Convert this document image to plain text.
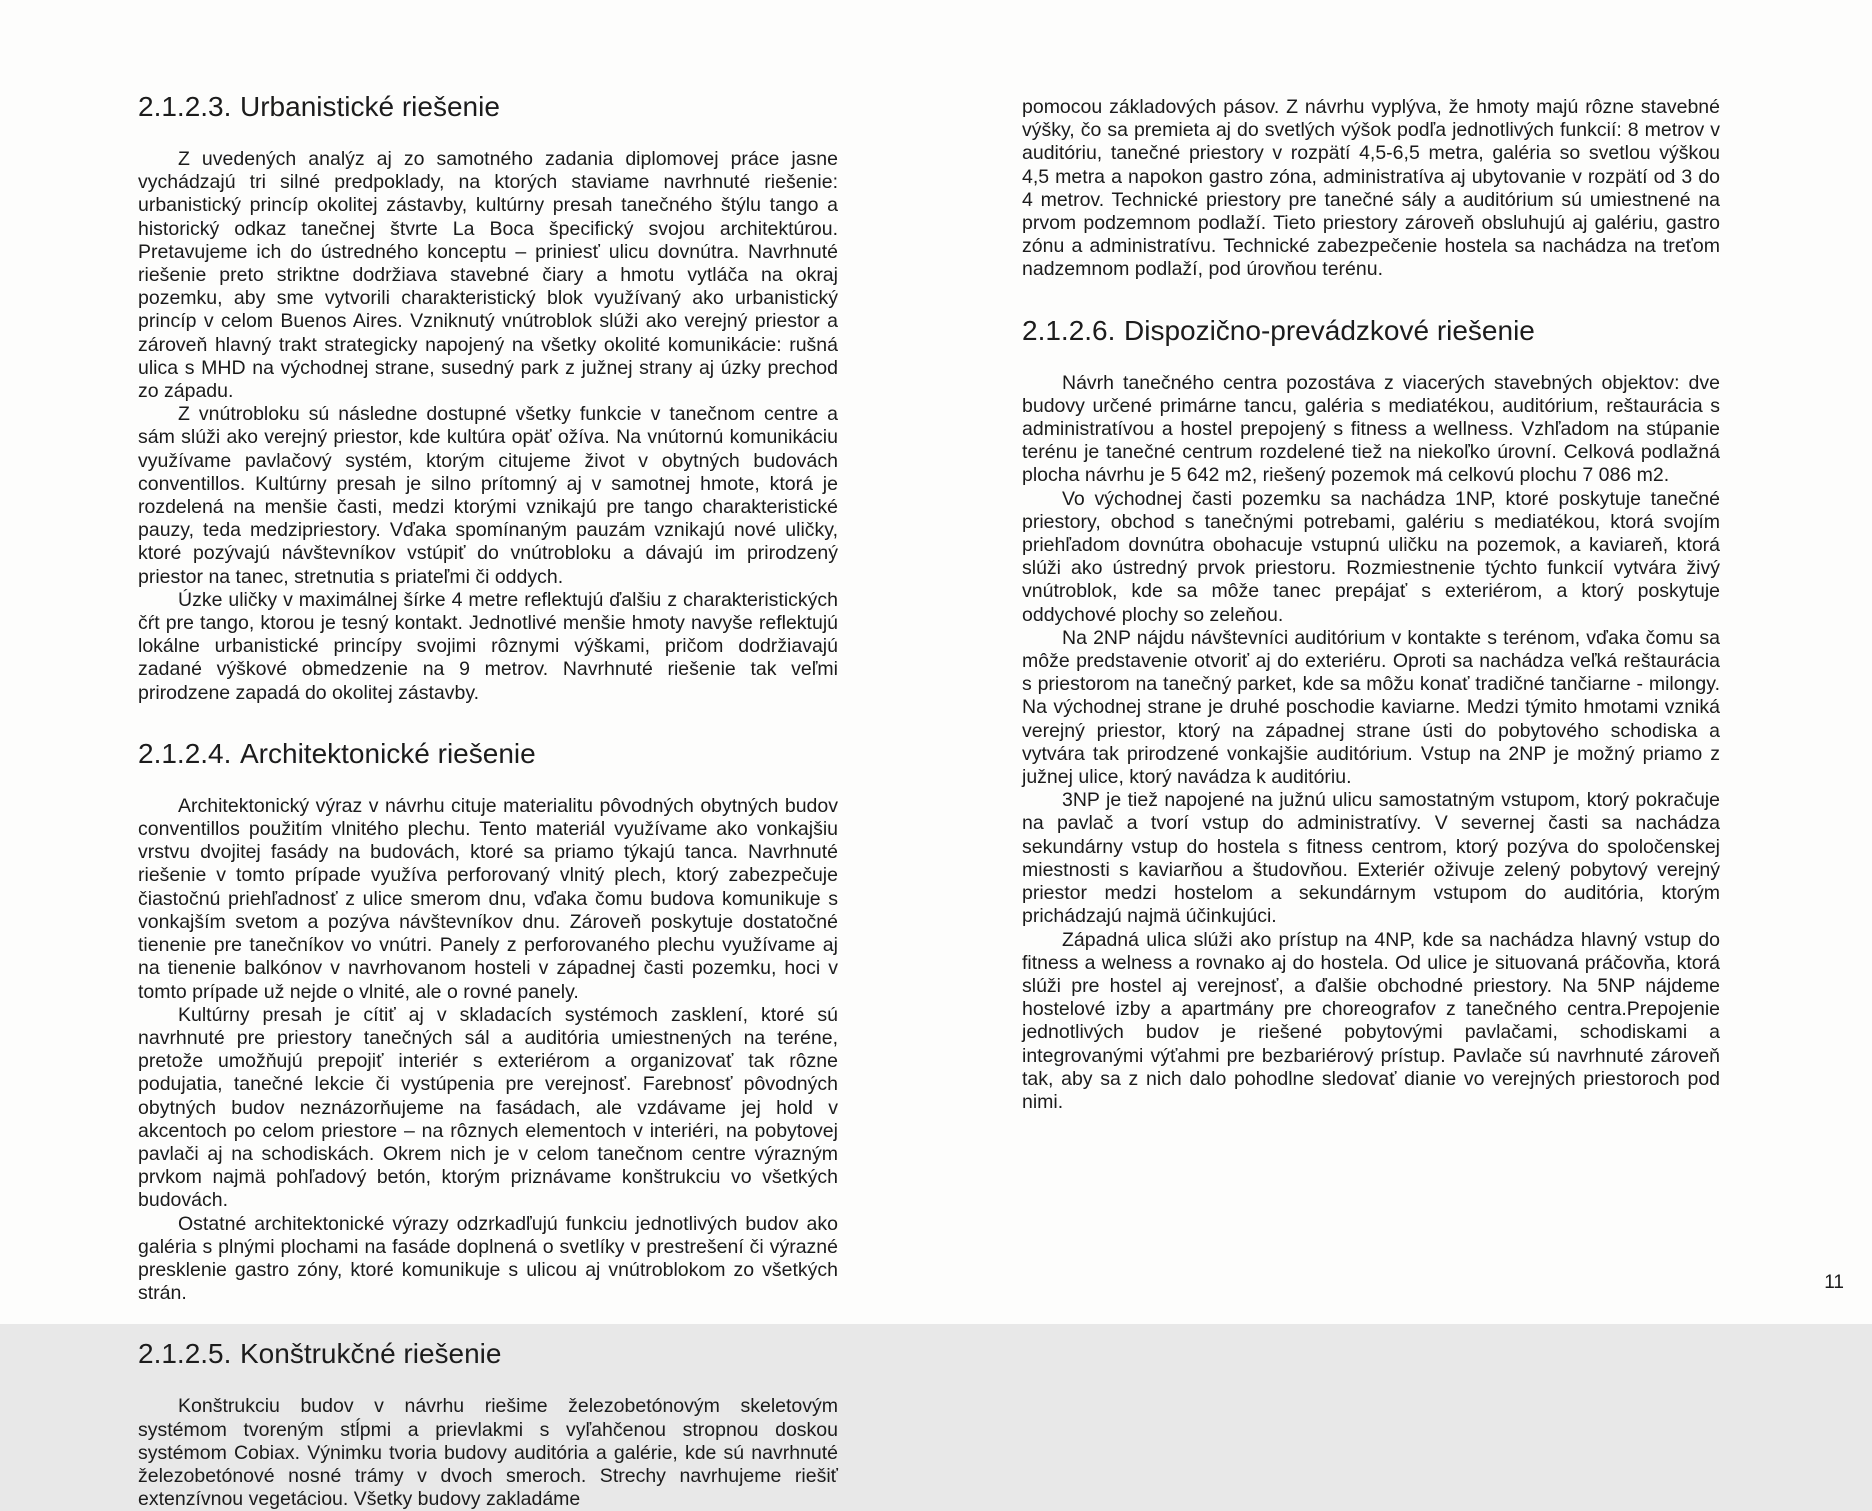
2.1.2.3. Urbanistické riešenie

Z uvedených analýz aj zo samotného zadania diplomovej práce jasne vychádzajú tri silné predpoklady, na ktorých staviame navrhnuté riešenie: urbanistický princíp okolitej zástavby, kultúrny presah tanečného štýlu tango a historický odkaz tanečnej štvrte La Boca špecifický svojou architektúrou. Pretavujeme ich do ústredného konceptu – priniesť ulicu dovnútra. Navrhnuté riešenie preto striktne dodržiava stavebné čiary a hmotu vytláča na okraj pozemku, aby sme vytvorili charakteristický blok využívaný ako urbanistický princíp v celom Buenos Aires. Vzniknutý vnútroblok slúži ako verejný priestor a zároveň hlavný trakt strategicky napojený na všetky okolité komunikácie: rušná ulica s MHD na východnej strane, susedný park z južnej strany aj úzky prechod zo západu.

Z vnútrobloku sú následne dostupné všetky funkcie v tanečnom centre a sám slúži ako verejný priestor, kde kultúra opäť ožíva. Na vnútornú komunikáciu využívame pavlačový systém, ktorým citujeme život v obytných budovách conventillos. Kultúrny presah je silno prítomný aj v samotnej hmote, ktorá je rozdelená na menšie časti, medzi ktorými vznikajú pre tango charakteristické pauzy, teda medzipriestory. Vďaka spomínaným pauzám vznikajú nové uličky, ktoré pozývajú návštevníkov vstúpiť do vnútrobloku a dávajú im prirodzený priestor na tanec, stretnutia s priateľmi či oddych.

Úzke uličky v maximálnej šírke 4 metre reflektujú ďalšiu z charakteristických čŕt pre tango, ktorou je tesný kontakt. Jednotlivé menšie hmoty navyše reflektujú lokálne urbanistické princípy svojimi rôznymi výškami, pričom dodržiavajú zadané výškové obmedzenie na 9 metrov. Navrhnuté riešenie tak veľmi prirodzene zapadá do okolitej zástavby.

2.1.2.4. Architektonické riešenie

Architektonický výraz v návrhu cituje materialitu pôvodných obytných budov conventillos použitím vlnitého plechu. Tento materiál využívame ako vonkajšiu vrstvu dvojitej fasády na budovách, ktoré sa priamo týkajú tanca. Navrhnuté riešenie v tomto prípade využíva perforovaný vlnitý plech, ktorý zabezpečuje čiastočnú priehľadnosť z ulice smerom dnu, vďaka čomu budova komunikuje s vonkajším svetom a pozýva návštevníkov dnu. Zároveň poskytuje dostatočné tienenie pre tanečníkov vo vnútri. Panely z perforovaného plechu využívame aj na tienenie balkónov v navrhovanom hosteli v západnej časti pozemku, hoci v tomto prípade už nejde o vlnité, ale o rovné panely.

Kultúrny presah je cítiť aj v skladacích systémoch zasklení, ktoré sú navrhnuté pre priestory tanečných sál a auditória umiestnených na teréne, pretože umožňujú prepojiť interiér s exteriérom a organizovať tak rôzne podujatia, tanečné lekcie či vystúpenia pre verejnosť. Farebnosť pôvodných obytných budov neznázorňujeme na fasádach, ale vzdávame jej hold v akcentoch po celom priestore – na rôznych elementoch v interiéri, na pobytovej pavlači aj na schodiskách. Okrem nich je v celom tanečnom centre výrazným prvkom najmä pohľadový betón, ktorým priznávame konštrukciu vo všetkých budovách.

Ostatné architektonické výrazy odzrkadľujú funkciu jednotlivých budov ako galéria s plnými plochami na fasáde doplnená o svetlíky v prestrešení či výrazné presklenie gastro zóny, ktoré komunikuje s ulicou aj vnútroblokom zo všetkých strán.

2.1.2.5. Konštrukčné riešenie

Konštrukciu budov v návrhu riešime železobetónovým skeletovým systémom tvoreným stĺpmi a prievlakmi s vyľahčenou stropnou doskou systémom Cobiax. Výnimku tvoria budovy auditória a galérie, kde sú navrhnuté železobetónové nosné trámy v dvoch smeroch. Strechy navrhujeme riešiť extenzívnou vegetáciou. Všetky budovy zakladáme

pomocou základových pásov. Z návrhu vyplýva, že hmoty majú rôzne stavebné výšky, čo sa premieta aj do svetlých výšok podľa jednotlivých funkcií: 8 metrov v auditóriu, tanečné priestory v rozpätí 4,5-6,5 metra, galéria so svetlou výškou 4,5 metra a napokon gastro zóna, administratíva aj ubytovanie v rozpätí od 3 do 4 metrov. Technické priestory pre tanečné sály a auditórium sú umiestnené na prvom podzemnom podlaží. Tieto priestory zároveň obsluhujú aj galériu, gastro zónu a administratívu. Technické zabezpečenie hostela sa nachádza na treťom nadzemnom podlaží, pod úrovňou terénu.

2.1.2.6. Dispozično-prevádzkové riešenie

Návrh tanečného centra pozostáva z viacerých stavebných objektov: dve budovy určené primárne tancu, galéria s mediatékou, auditórium, reštaurácia s administratívou a hostel prepojený s fitness a wellness. Vzhľadom na stúpanie terénu je tanečné centrum rozdelené tiež na niekoľko úrovní. Celková podlažná plocha návrhu je 5 642 m2, riešený pozemok má celkovú plochu 7 086 m2.

Vo východnej časti pozemku sa nachádza 1NP, ktoré poskytuje tanečné priestory, obchod s tanečnými potrebami, galériu s mediatékou, ktorá svojím priehľadom dovnútra obohacuje vstupnú uličku na pozemok, a kaviareň, ktorá slúži ako ústredný prvok priestoru. Rozmiestnenie týchto funkcií vytvára živý vnútroblok, kde sa môže tanec prepájať s exteriérom, a ktorý poskytuje oddychové plochy so zeleňou.

Na 2NP nájdu návštevníci auditórium v kontakte s terénom, vďaka čomu sa môže predstavenie otvoriť aj do exteriéru. Oproti sa nachádza veľká reštaurácia s priestorom na tanečný parket, kde sa môžu konať tradičné tančiarne - milongy. Na východnej strane je druhé poschodie kaviarne. Medzi týmito hmotami vzniká verejný priestor, ktorý na západnej strane ústi do pobytového schodiska a vytvára tak prirodzené vonkajšie auditórium. Vstup na 2NP je možný priamo z južnej ulice, ktorý navádza k auditóriu.

3NP je tiež napojené na južnú ulicu samostatným vstupom, ktorý pokračuje na pavlač a tvorí vstup do administratívy. V severnej časti sa nachádza sekundárny vstup do hostela s fitness centrom, ktorý pozýva do spoločenskej miestnosti s kaviarňou a študovňou. Exteriér oživuje zelený pobytový verejný priestor medzi hostelom a sekundárnym vstupom do auditória, ktorým prichádzajú najmä účinkujúci.

Západná ulica slúži ako prístup na 4NP, kde sa nachádza hlavný vstup do fitness a welness a rovnako aj do hostela. Od ulice je situovaná práčovňa, ktorá slúži pre hostel aj verejnosť, a ďalšie obchodné priestory. Na 5NP nájdeme hostelové izby a apartmány pre choreografov z tanečného centra.Prepojenie jednotlivých budov je riešené pobytovými pavlačami, schodiskami a integrovanými výťahmi pre bezbariérový prístup. Pavlače sú navrhnuté zároveň tak, aby sa z nich dalo pohodlne sledovať dianie vo verejných priestoroch pod nimi.

11
